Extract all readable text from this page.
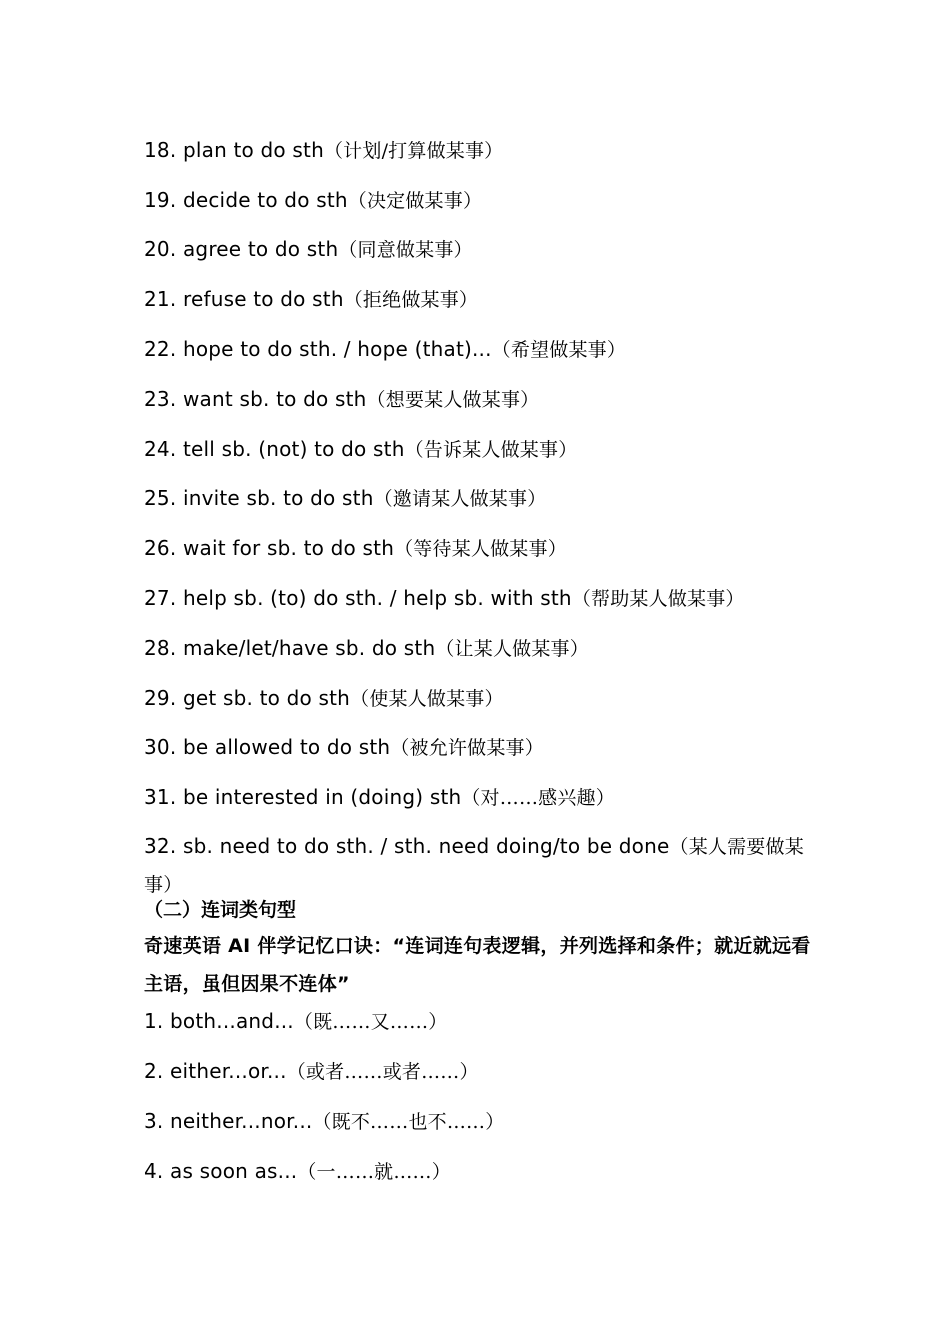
18. plan to do sth（计划/打算做某事）
19. decide to do sth（决定做某事）
20. agree to do sth（同意做某事）
21. refuse to do sth（拒绝做某事）
22. hope to do sth. / hope (that)...（希望做某事）
23. want sb. to do sth（想要某人做某事）
24. tell sb. (not) to do sth（告诉某人做某事）
25. invite sb. to do sth（邀请某人做某事）
26. wait for sb. to do sth（等待某人做某事）
27. help sb. (to) do sth. / help sb. with sth（帮助某人做某事）
28. make/let/have sb. do sth（让某人做某事）
29. get sb. to do sth（使某人做某事）
30. be allowed to do sth（被允许做某事）
31. be interested in (doing) sth（对……感兴趣）
32. sb. need to do sth. / sth. need doing/to be done（某人需要做某事）
（二）连词类句型
奇速英语 AI 伴学记忆口诀：“连词连句表逻辑，并列选择和条件；就近就远看主语，虽但因果不连体”
1. both...and...（既……又……）
2. either...or...（或者……或者……）
3. neither...nor...（既不……也不……）
4. as soon as...（一……就……）
